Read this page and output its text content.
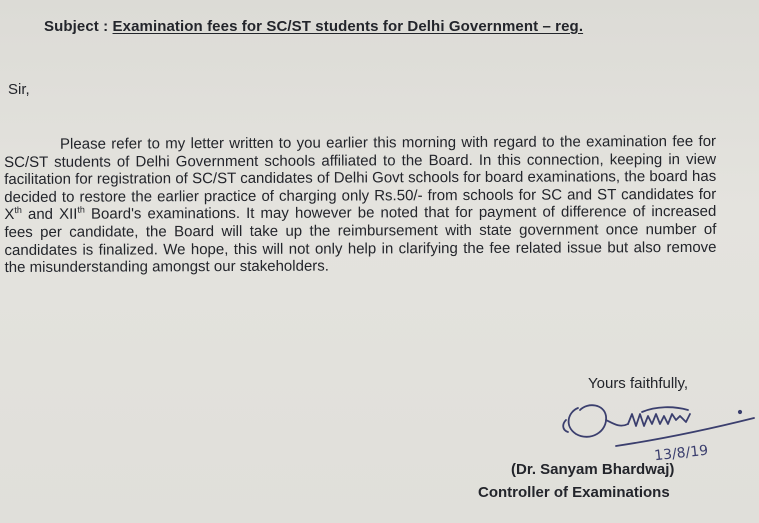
Subject : Examination fees for SC/ST students for Delhi Government – reg.
Sir,

Please refer to my letter written to you earlier this morning with regard to the examination fee for SC/ST students of Delhi Government schools affiliated to the Board. In this connection, keeping in view facilitation for registration of SC/ST candidates of Delhi Govt schools for board examinations, the board has decided to restore the earlier practice of charging only Rs.50/- from schools for SC and ST candidates for Xth and XIIth Board's examinations. It may however be noted that for payment of difference of increased fees per candidate, the Board will take up the reimbursement with state government once number of candidates is finalized. We hope, this will not only help in clarifying the fee related issue but also remove the misunderstanding amongst our stakeholders.

Yours faithfully,
13/8/19
(Dr. Sanyam Bhardwaj)
Controller of Examinations
